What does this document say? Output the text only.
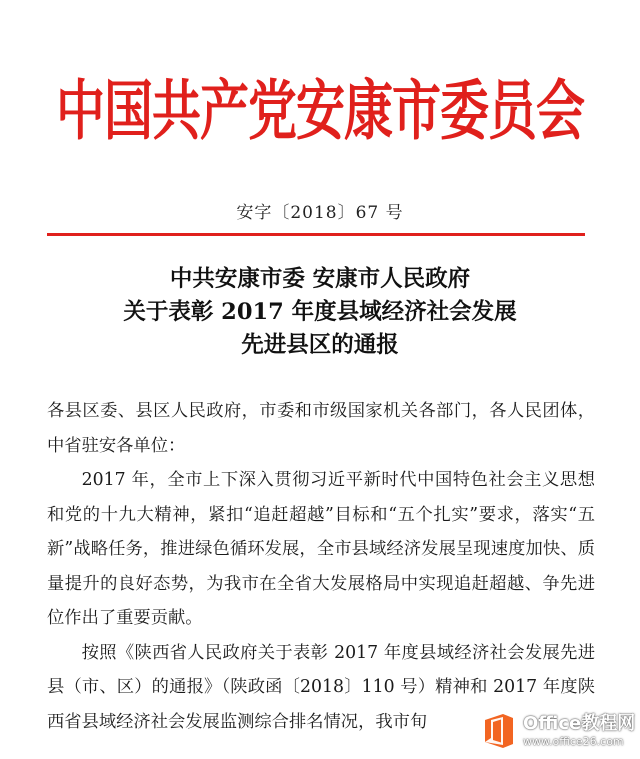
中国共产党安康市委员会
安字〔2018〕67 号
中共安康市委 安康市人民政府
关于表彰 2017 年度县域经济社会发展
先进县区的通报

各县区委、县区人民政府，市委和市级国家机关各部门，各人民团体，中省驻安各单位：

2017 年，全市上下深入贯彻习近平新时代中国特色社会主义思想和党的十九大精神，紧扣“追赶超越”目标和“五个扎实”要求，落实“五新”战略任务，推进绿色循环发展，全市县域经济发展呈现速度加快、质量提升的良好态势，为我市在全省大发展格局中实现追赶超越、争先进位作出了重要贡献。

按照《陕西省人民政府关于表彰 2017 年度县域经济社会发展先进县（市、区）的通报》（陕政函〔2018〕110 号）精神和 2017 年度陕西省县域经济社会发展监测综合排名情况，我市旬	Office教程网
www.office26.com
